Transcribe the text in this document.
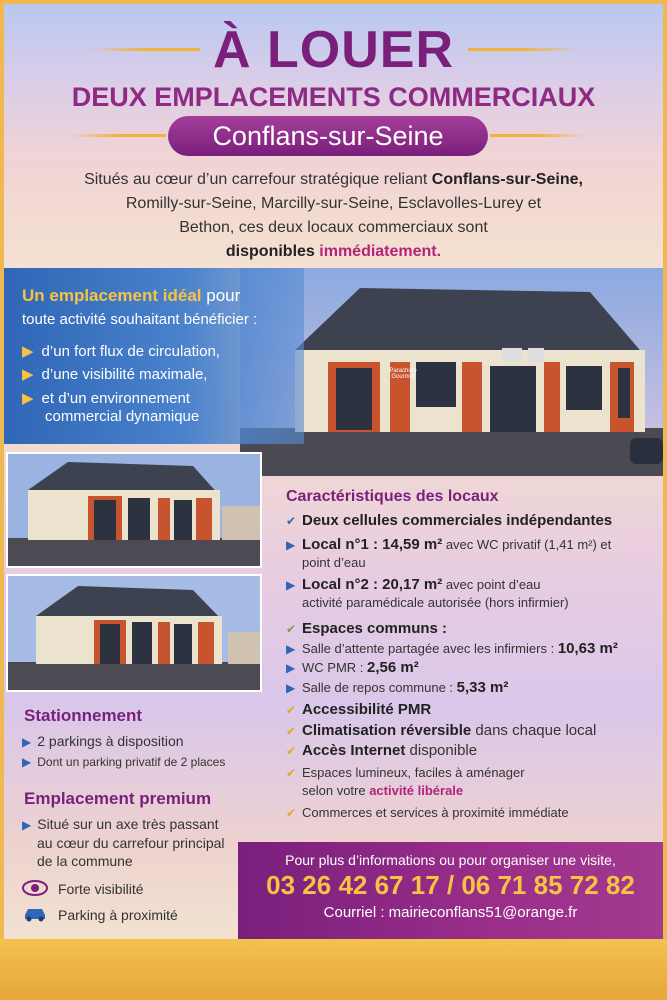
À LOUER
DEUX EMPLACEMENTS COMMERCIAUX
Conflans-sur-Seine
Situés au cœur d’un carrefour stratégique reliant Conflans-sur-Seine,
Romilly-sur-Seine, Marcilly-sur-Seine, Esclavolles-Lurey et
Bethon, ces deux locaux commerciaux sont
disponibles immédiatement.
Parachute Gourmet
Un emplacement idéal pour
toute activité souhaitant bénéficier :
▶ d’un fort flux de circulation,
▶ d’une visibilité maximale,
▶ et d’un environnement
commercial dynamique
Caractéristiques des locaux
✔ Deux cellules commerciales indépendantes
▶ Local n°1 : 14,59 m² avec WC privatif (1,41 m²) et
point d’eau
▶ Local n°2 : 20,17 m² avec point d’eau
activité paramédicale autorisée (hors infirmier)
✔ Espaces communs :
▶ Salle d’attente partagée avec les infirmiers : 10,63 m²
▶ WC PMR : 2,56 m²
▶ Salle de repos commune : 5,33 m²
✔ Accessibilité PMR
✔ Climatisation réversible dans chaque local
✔ Accès Internet disponible
✔ Espaces lumineux, faciles à aménager
selon votre activité libérale
✔ Commerces et services à proximité immédiate
Stationnement
▶ 2 parkings à disposition
▶ Dont un parking privatif de 2 places
Emplacement premium
▶ Situé sur un axe très passant
au cœur du carrefour principal
de la commune
Forte visibilité
Parking à proximité
Pour plus d’informations ou pour organiser une visite,
03 26 42 67 17 / 06 71 85 72 82
Courriel : mairieconflans51@orange.fr
